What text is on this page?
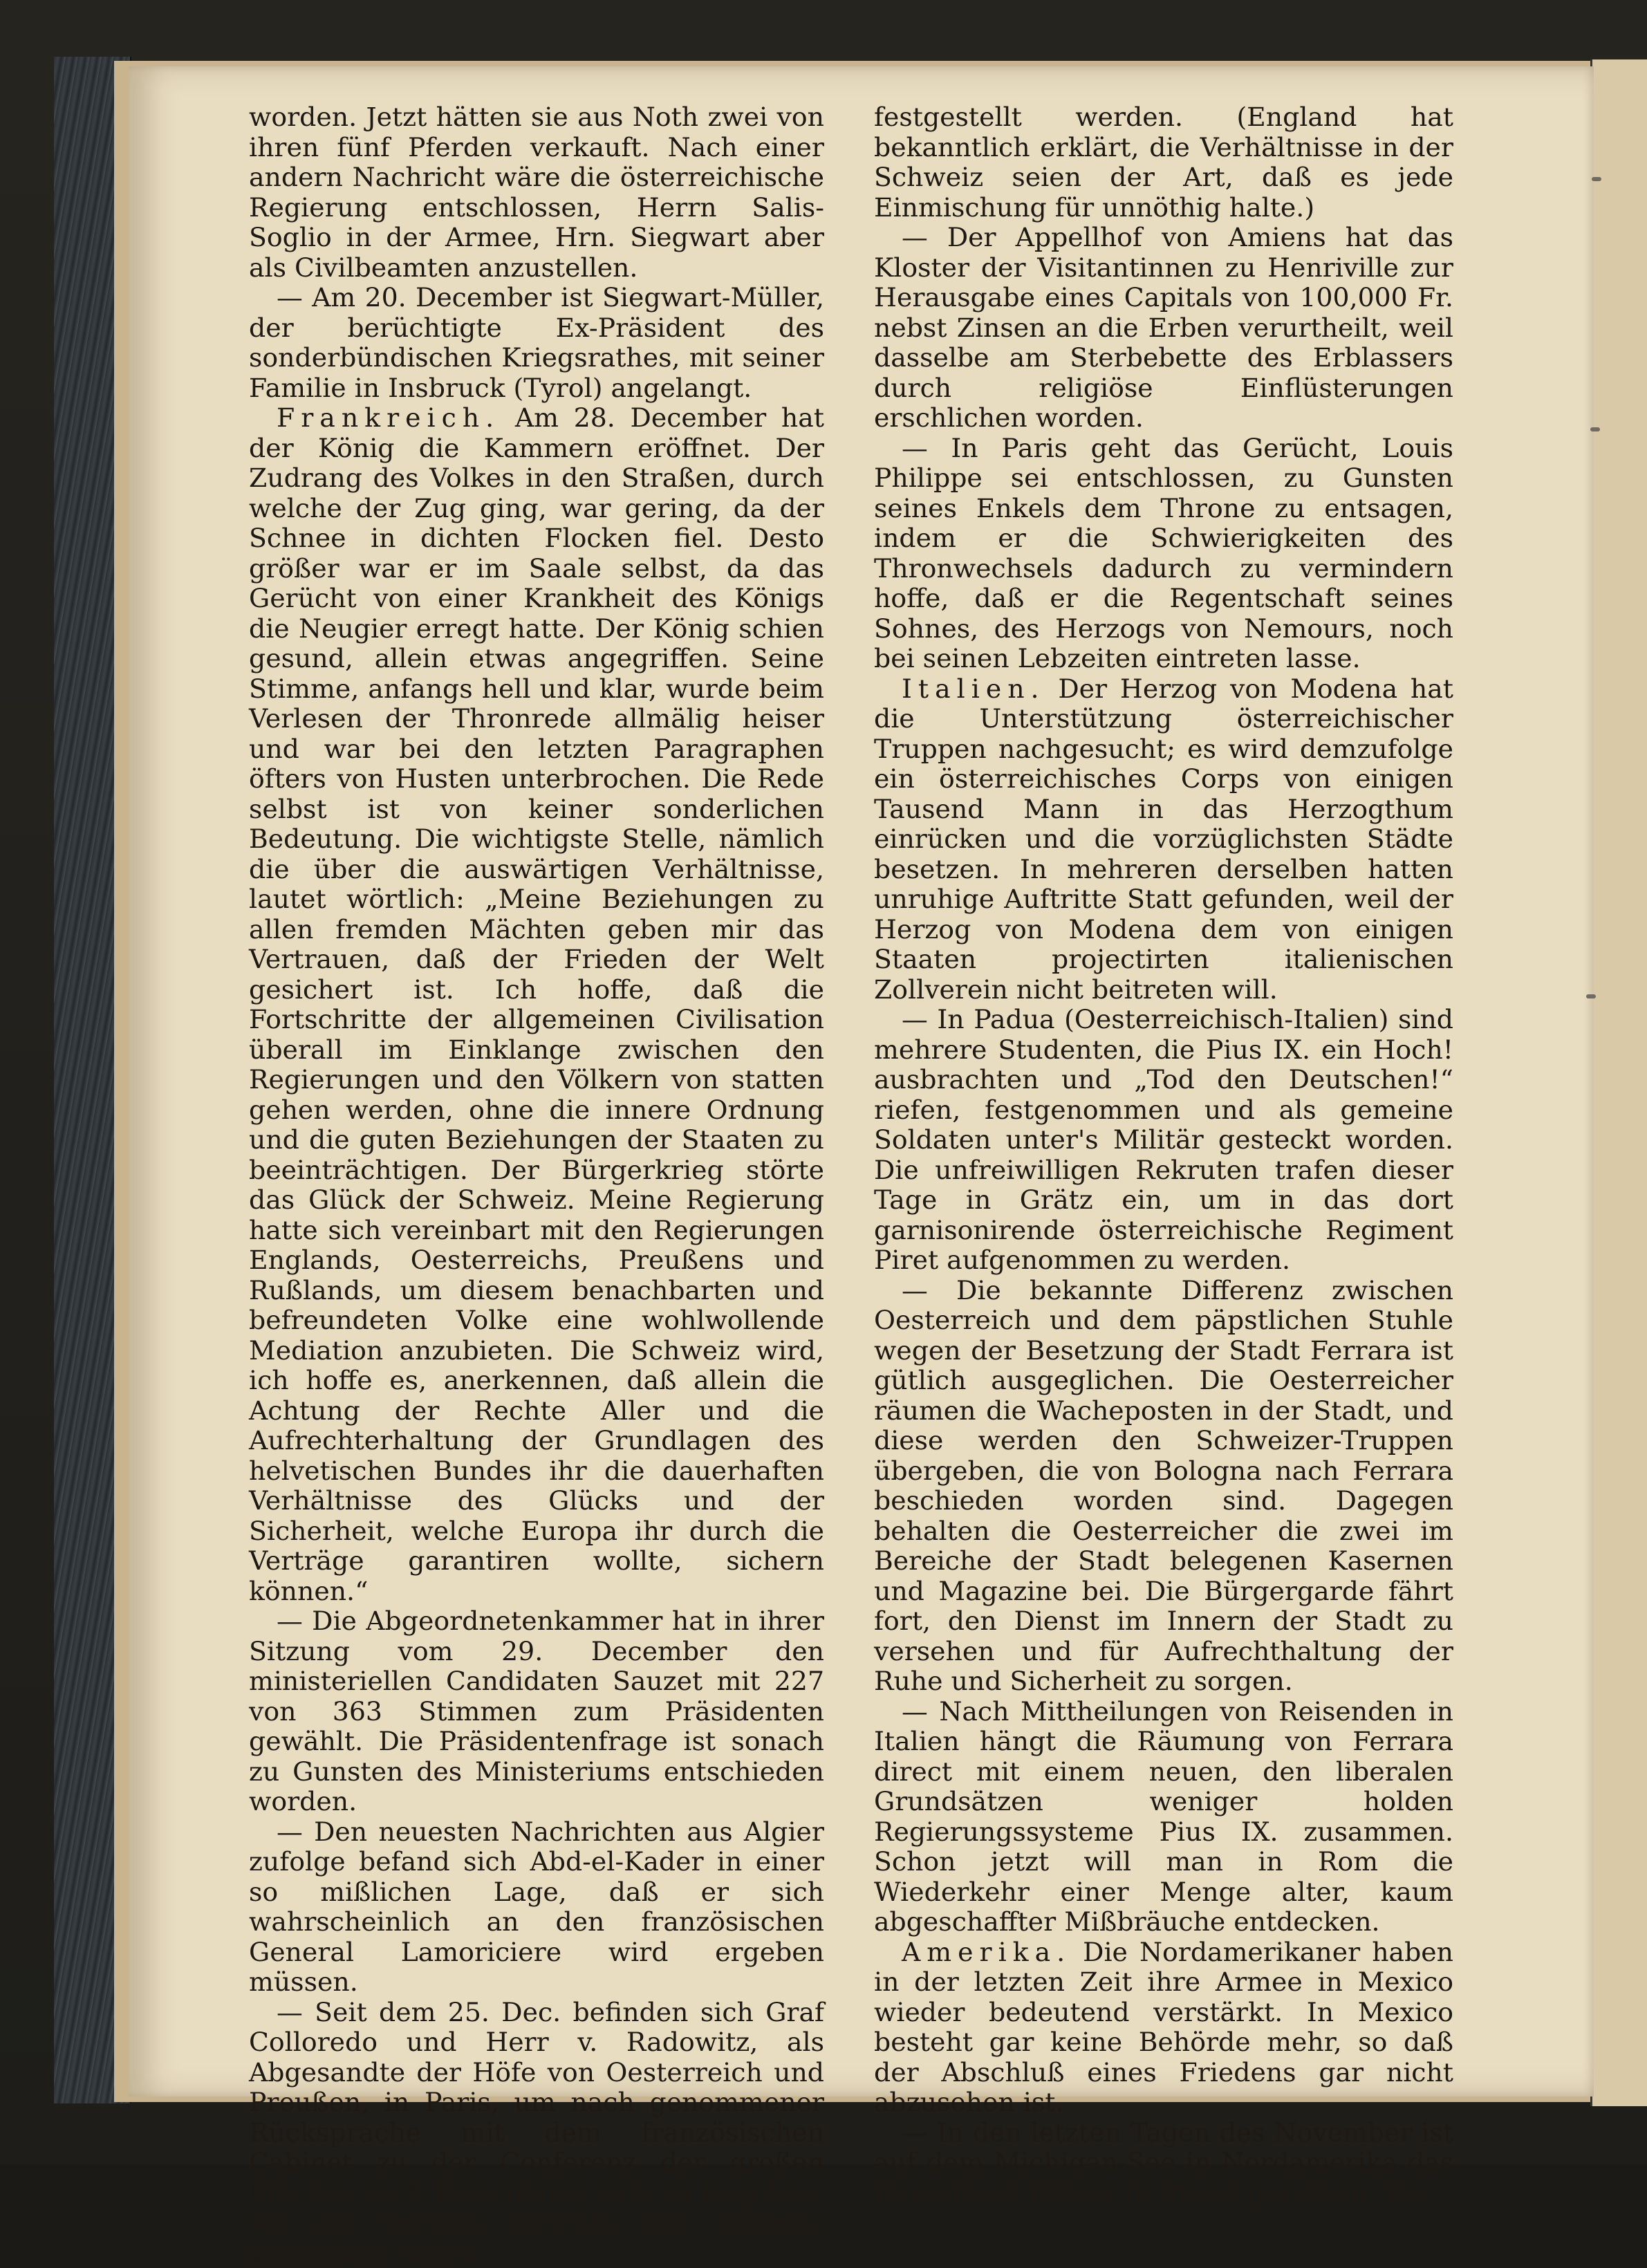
worden. Jetzt hätten sie aus Noth zwei von ihren fünf Pferden verkauft. Nach einer andern Nachricht wäre die österreichische Regierung entschlossen, Herrn Salis-Soglio in der Armee, Hrn. Siegwart aber als Civilbeamten anzustellen.

— Am 20. December ist Siegwart-Müller, der berüchtigte Ex-Präsident des sonderbündischen Kriegsrathes, mit seiner Familie in Insbruck (Tyrol) angelangt.

Frankreich. Am 28. December hat der König die Kammern eröffnet. Der Zudrang des Volkes in den Straßen, durch welche der Zug ging, war gering, da der Schnee in dichten Flocken fiel. Desto größer war er im Saale selbst, da das Gerücht von einer Krankheit des Königs die Neugier erregt hatte. Der König schien gesund, allein etwas angegriffen. Seine Stimme, anfangs hell und klar, wurde beim Verlesen der Thronrede allmälig heiser und war bei den letzten Paragraphen öfters von Husten unterbrochen. Die Rede selbst ist von keiner sonderlichen Bedeutung. Die wichtigste Stelle, nämlich die über die auswärtigen Verhältnisse, lautet wörtlich: „Meine Beziehungen zu allen fremden Mächten geben mir das Vertrauen, daß der Frieden der Welt gesichert ist. Ich hoffe, daß die Fortschritte der allgemeinen Civilisation überall im Einklange zwischen den Regierungen und den Völkern von statten gehen werden, ohne die innere Ordnung und die guten Beziehungen der Staaten zu beeinträchtigen. Der Bürgerkrieg störte das Glück der Schweiz. Meine Regierung hatte sich vereinbart mit den Regierungen Englands, Oesterreichs, Preußens und Rußlands, um diesem benachbarten und befreundeten Volke eine wohlwollende Mediation anzubieten. Die Schweiz wird, ich hoffe es, anerkennen, daß allein die Achtung der Rechte Aller und die Aufrechterhaltung der Grundlagen des helvetischen Bundes ihr die dauerhaften Verhältnisse des Glücks und der Sicherheit, welche Europa ihr durch die Verträge garantiren wollte, sichern können.“

— Die Abgeordnetenkammer hat in ihrer Sitzung vom 29. December den ministeriellen Candidaten Sauzet mit 227 von 363 Stimmen zum Präsidenten gewählt. Die Präsidentenfrage ist sonach zu Gunsten des Ministeriums entschieden worden.

— Den neuesten Nachrichten aus Algier zufolge befand sich Abd-el-Kader in einer so mißlichen Lage, daß er sich wahrscheinlich an den französischen General Lamoriciere wird ergeben müssen.

— Seit dem 25. Dec. befinden sich Graf Colloredo und Herr v. Radowitz, als Abgesandte der Höfe von Oesterreich und Preußen, in Paris, um nach genommener Rücksprache mit dem französischen Cabinet zu der Conferenz der großen Mächte nach Neuenburg sich zu begeben, wo die weitern Schritte der Schweiz gegenüber sollen

festgestellt werden. (England hat bekanntlich erklärt, die Verhältnisse in der Schweiz seien der Art, daß es jede Einmischung für unnöthig halte.)

— Der Appellhof von Amiens hat das Kloster der Visitantinnen zu Henriville zur Herausgabe eines Capitals von 100,000 Fr. nebst Zinsen an die Erben verurtheilt, weil dasselbe am Sterbebette des Erblassers durch religiöse Einflüsterungen erschlichen worden.

— In Paris geht das Gerücht, Louis Philippe sei entschlossen, zu Gunsten seines Enkels dem Throne zu entsagen, indem er die Schwierigkeiten des Thronwechsels dadurch zu vermindern hoffe, daß er die Regentschaft seines Sohnes, des Herzogs von Nemours, noch bei seinen Lebzeiten eintreten lasse.

Italien. Der Herzog von Modena hat die Unterstützung österreichischer Truppen nachgesucht; es wird demzufolge ein österreichisches Corps von einigen Tausend Mann in das Herzogthum einrücken und die vorzüglichsten Städte besetzen. In mehreren derselben hatten unruhige Auftritte Statt gefunden, weil der Herzog von Modena dem von einigen Staaten projectirten italienischen Zollverein nicht beitreten will.

— In Padua (Oesterreichisch-Italien) sind mehrere Studenten, die Pius IX. ein Hoch! ausbrachten und „Tod den Deutschen!“ riefen, festgenommen und als gemeine Soldaten unter's Militär gesteckt worden. Die unfreiwilligen Rekruten trafen dieser Tage in Grätz ein, um in das dort garnisonirende österreichische Regiment Piret aufgenommen zu werden.

— Die bekannte Differenz zwischen Oesterreich und dem päpstlichen Stuhle wegen der Besetzung der Stadt Ferrara ist gütlich ausgeglichen. Die Oesterreicher räumen die Wacheposten in der Stadt, und diese werden den Schweizer-Truppen übergeben, die von Bologna nach Ferrara beschieden worden sind. Dagegen behalten die Oesterreicher die zwei im Bereiche der Stadt belegenen Kasernen und Magazine bei. Die Bürgergarde fährt fort, den Dienst im Innern der Stadt zu versehen und für Aufrechthaltung der Ruhe und Sicherheit zu sorgen.

— Nach Mittheilungen von Reisenden in Italien hängt die Räumung von Ferrara direct mit einem neuen, den liberalen Grundsätzen weniger holden Regierungssysteme Pius IX. zusammen. Schon jetzt will man in Rom die Wiederkehr einer Menge alter, kaum abgeschaffter Mißbräuche entdecken.

Amerika. Die Nordamerikaner haben in der letzten Zeit ihre Armee in Mexico wieder bedeutend verstärkt. In Mexico besteht gar keine Behörde mehr, so daß der Abschluß eines Friedens gar nicht abzusehen ist.

— In den letzten Tagen des November ist auf dem Michigan-See in Nordamerika das Dampfboot Phönir in Brand gerathen. Die
